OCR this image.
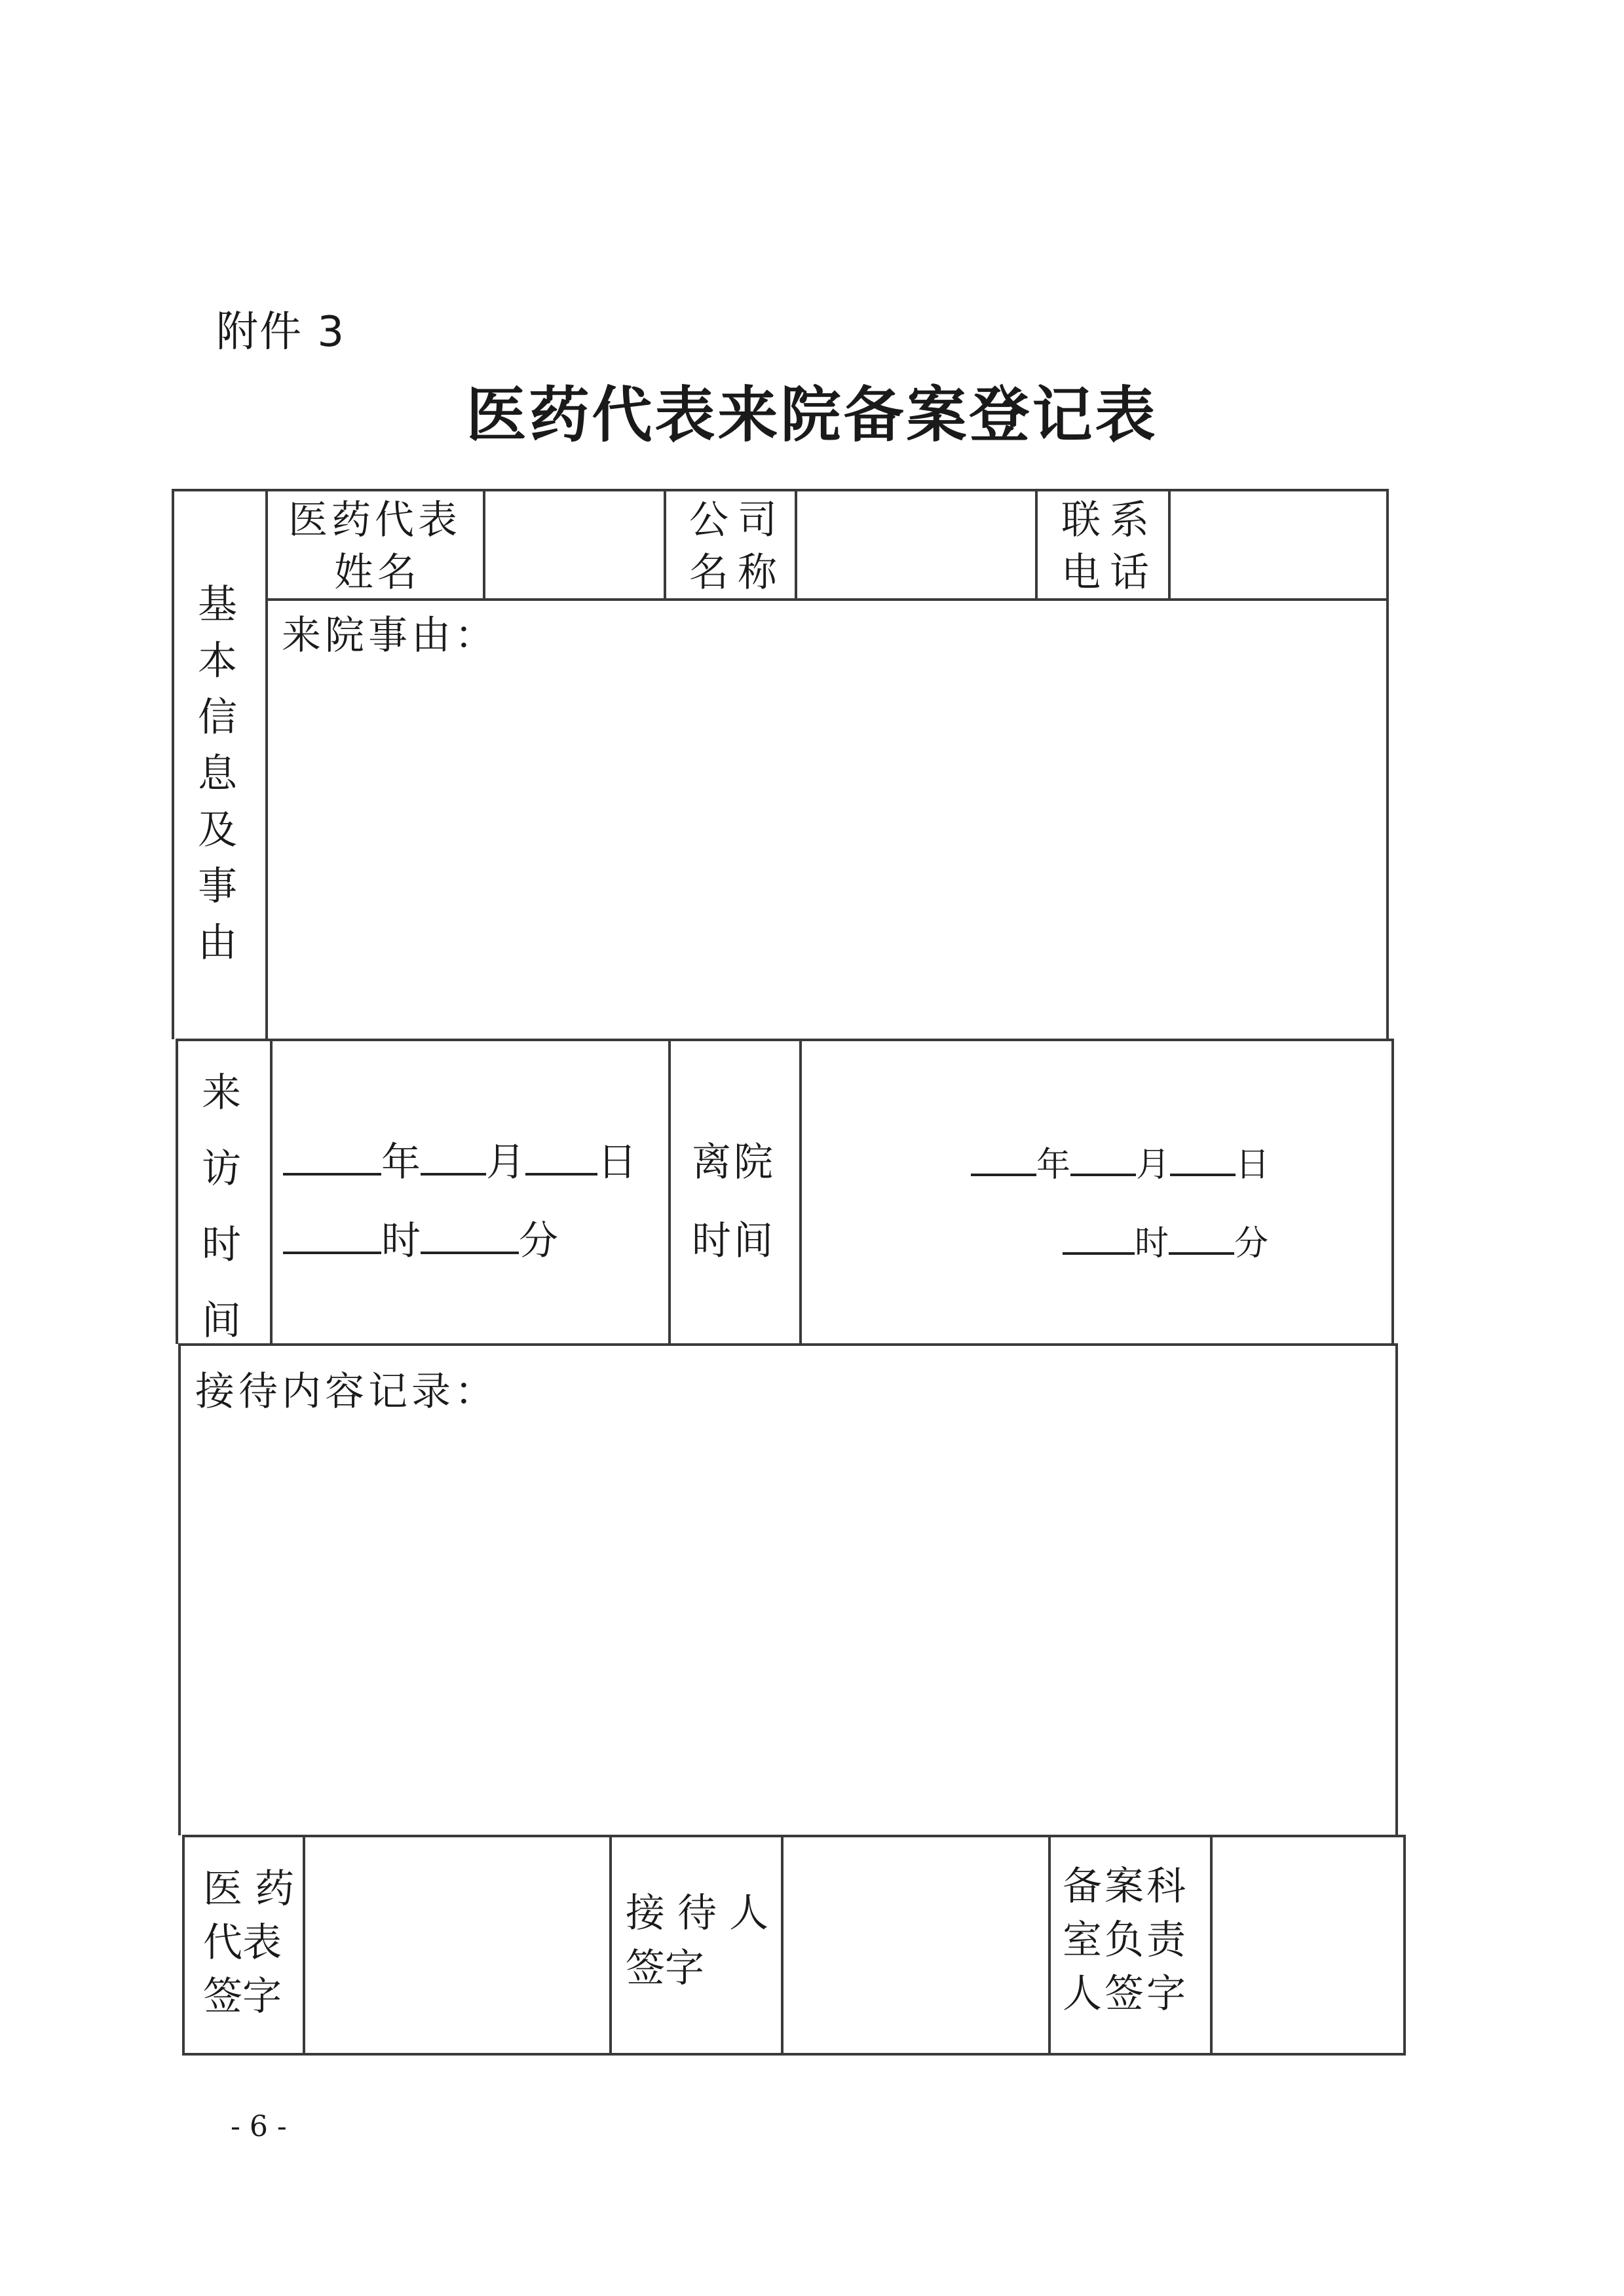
附件 3
医药代表来院备案登记表
基
本
信
息
及
事
由
医药代表
姓名
公司
名称
联系
电话
来院事由：
来
访
时
间
年 月 日
时	分
离院
时间
年 月 日
时 分
接待内容记录：
医 药
代表
签字
接 待 人
签字
备案科
室负责
人签字
- 6 -
